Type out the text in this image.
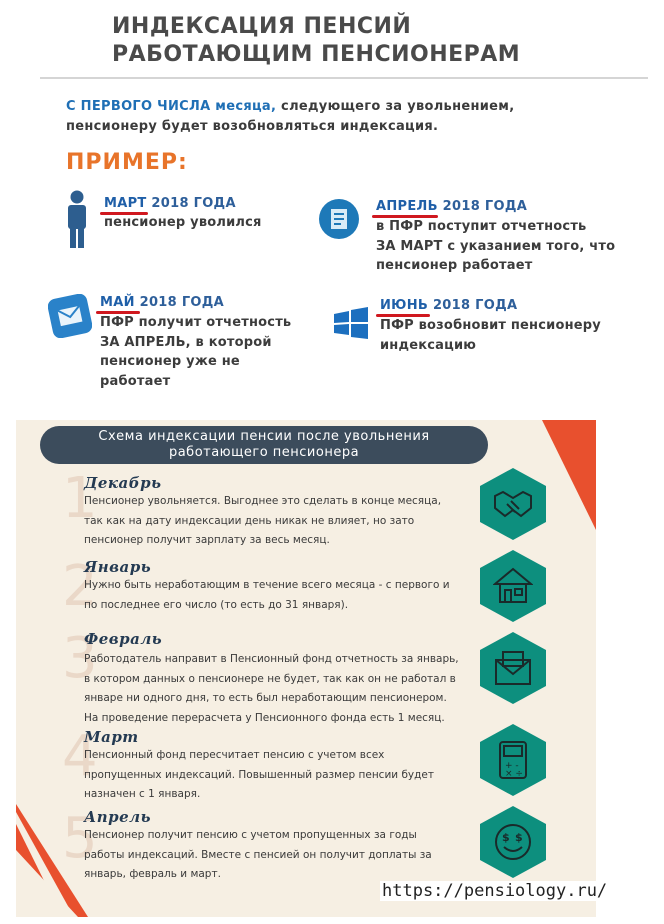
ИНДЕКСАЦИЯ ПЕНСИЙ
РАБОТАЮЩИМ ПЕНСИОНЕРАМ
С ПЕРВОГО ЧИСЛА месяца, следующего за увольнением,
пенсионеру будет возобновляться индексация.
ПРИМЕР:
МАРТ 2018 ГОДА
пенсионер уволился
АПРЕЛЬ 2018 ГОДА
в ПФР поступит отчетность
ЗА МАРТ с указанием того, что
пенсионер работает
МАЙ 2018 ГОДА
ПФР получит отчетность
ЗА АПРЕЛЬ, в которой
пенсионер уже не
работает
ИЮНЬ 2018 ГОДА
ПФР возобновит пенсионеру
индексацию
Схема индексации пенсии после увольнения
работающего пенсионера
1
Декабрь
Пенсионер увольняется. Выгоднее это сделать в конце месяца,
так как на дату индексации день никак не влияет, но зато
пенсионер получит зарплату за весь месяц.
2
Январь
Нужно быть неработающим в течение всего месяца - с первого и
по последнее его число (то есть до 31 января).
3
Февраль
Работодатель направит в Пенсионный фонд отчетность за январь,
в котором данных о пенсионере не будет, так как он не работал в
январе ни одного дня, то есть был неработающим пенсионером.
На проведение перерасчета у Пенсионного фонда есть 1 месяц.
4
Март
Пенсионный фонд пересчитает пенсию с учетом всех
пропущенных индексаций. Повышенный размер пенсии будет
назначен с 1 января.
+ -
× ÷
5
Апрель
Пенсионер получит пенсию с учетом пропущенных за годы
работы индексаций. Вместе с пенсией он получит доплаты за
январь, февраль и март.
$ $
https://pensiology.ru/
